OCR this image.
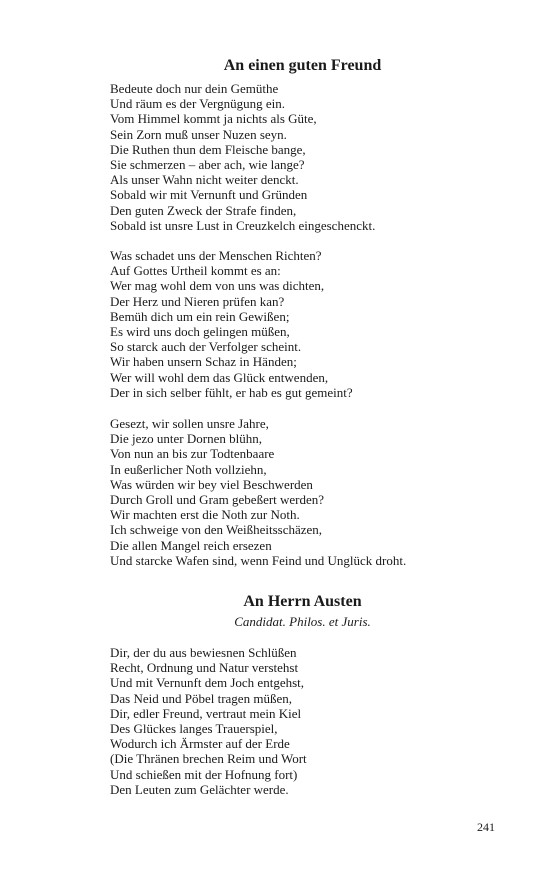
An einen guten Freund
Bedeute doch nur dein Gemüthe
Und räum es der Vergnügung ein.
Vom Himmel kommt ja nichts als Güte,
Sein Zorn muß unser Nuzen seyn.
Die Ruthen thun dem Fleische bange,
Sie schmerzen – aber ach, wie lange?
Als unser Wahn nicht weiter denckt.
Sobald wir mit Vernunft und Gründen
Den guten Zweck der Strafe finden,
Sobald ist unsre Lust in Creuzkelch eingeschenckt.
Was schadet uns der Menschen Richten?
Auf Gottes Urtheil kommt es an:
Wer mag wohl dem von uns was dichten,
Der Herz und Nieren prüfen kan?
Bemüh dich um ein rein Gewißen;
Es wird uns doch gelingen müßen,
So starck auch der Verfolger scheint.
Wir haben unsern Schaz in Händen;
Wer will wohl dem das Glück entwenden,
Der in sich selber fühlt, er hab es gut gemeint?
Gesezt, wir sollen unsre Jahre,
Die jezo unter Dornen blühn,
Von nun an bis zur Todtenbaare
In eußerlicher Noth vollziehn,
Was würden wir bey viel Beschwerden
Durch Groll und Gram gebeßert werden?
Wir machten erst die Noth zur Noth.
Ich schweige von den Weißheitsschäzen,
Die allen Mangel reich ersezen
Und starcke Wafen sind, wenn Feind und Unglück droht.
An Herrn Austen
Candidat. Philos. et Juris.
Dir, der du aus bewiesnen Schlüßen
Recht, Ordnung und Natur verstehst
Und mit Vernunft dem Joch entgehst,
Das Neid und Pöbel tragen müßen,
Dir, edler Freund, vertraut mein Kiel
Des Glückes langes Trauerspiel,
Wodurch ich Ärmster auf der Erde
(Die Thränen brechen Reim und Wort
Und schießen mit der Hofnung fort)
Den Leuten zum Gelächter werde.
241
